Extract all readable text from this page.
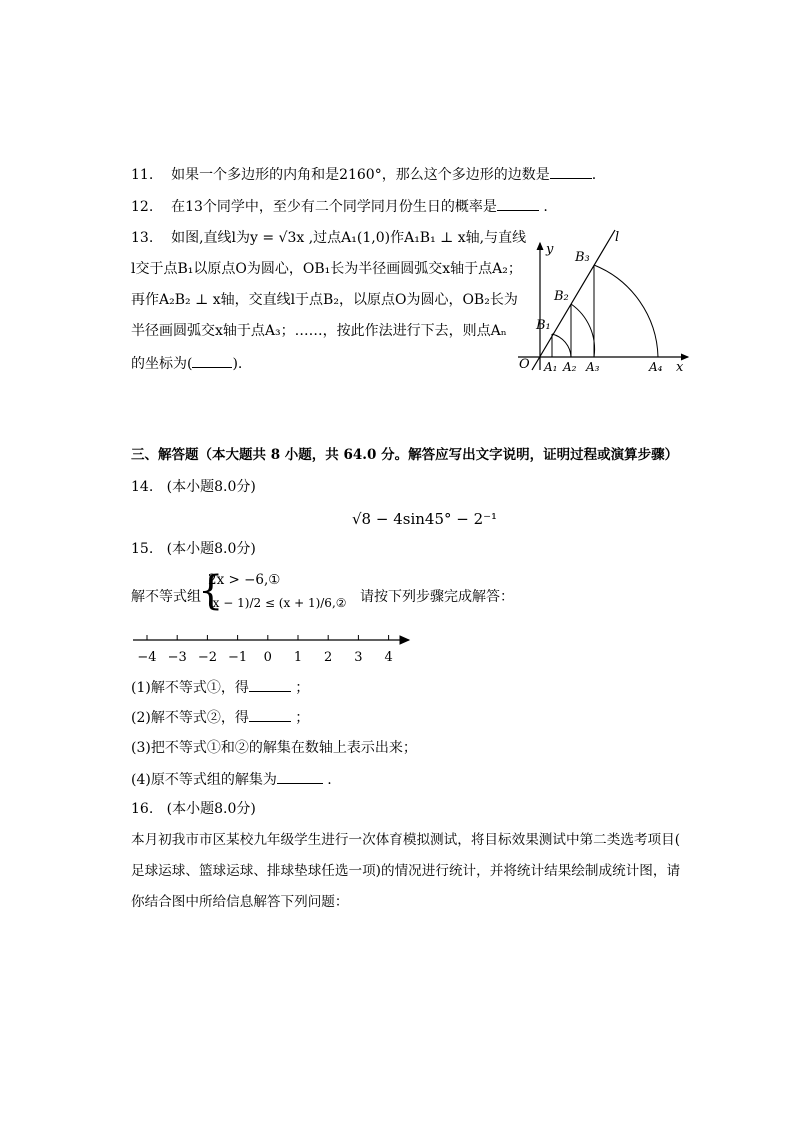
11. 如果一个多边形的内角和是2160°，那么这个多边形的边数是	.
12. 在13个同学中，至少有二个同学同月份生日的概率是	.
13. 如图,直线l为y = √3x ,过点A₁(1,0)作A₁B₁ ⊥ x轴,与直线
l交于点B₁以原点O为圆心，OB₁长为半径画圆弧交x轴于点A₂；
再作A₂B₂ ⊥ x轴，交直线l于点B₂，以原点O为圆心，OB₂长为
半径画圆弧交x轴于点A₃；……，按此作法进行下去，则点Aₙ
的坐标为(	).
l
y
x
O
B₁
B₂
B₃
A₁ A₂ A₃	A₄
三、解答题（本大题共 8 小题，共 64.0 分。解答应写出文字说明，证明过程或演算步骤）
14. (本小题8.0分)
√8 − 4sin45° − 2⁻¹
15. (本小题8.0分)
解不等式组
{
2x > −6,①
(x − 1)/2 ≤ (x + 1)/6,② 请按下列步骤完成解答：
−4 −3 −2 −1 0 1 2 3 4
(1)解不等式①，得	；
(2)解不等式②，得	；
(3)把不等式①和②的解集在数轴上表示出来；
(4)原不等式组的解集为	.
16. (本小题8.0分)
本月初我市市区某校九年级学生进行一次体育模拟测试，将目标效果测试中第二类选考项目(
足球运球、篮球运球、排球垫球任选一项)的情况进行统计，并将统计结果绘制成统计图，请
你结合图中所给信息解答下列问题：
